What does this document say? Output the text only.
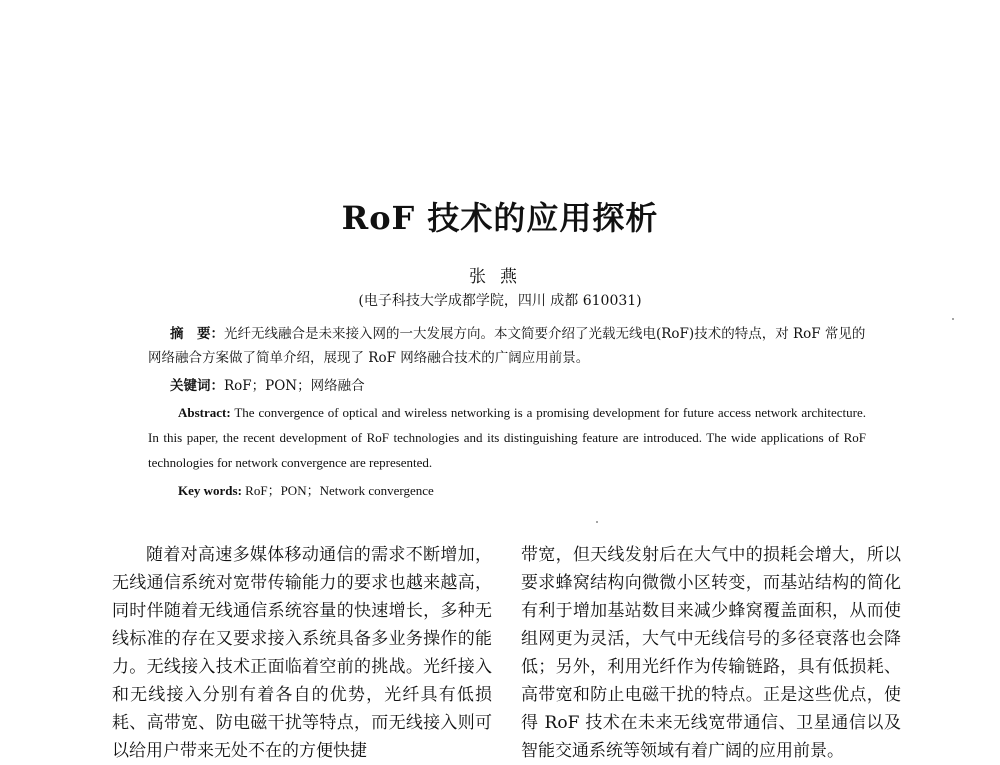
RoF 技术的应用探析
张燕
(电子科技大学成都学院，四川 成都 610031)
摘　要：光纤无线融合是未来接入网的一大发展方向。本文简要介绍了光载无线电(RoF)技术的特点，对 RoF 常见的网络融合方案做了简单介绍，展现了 RoF 网络融合技术的广阔应用前景。
关键词：RoF；PON；网络融合
Abstract: The convergence of optical and wireless networking is a promising development for future access network architecture. In this paper, the recent development of RoF technologies and its distinguishing feature are introduced. The wide applications of RoF technologies for network convergence are represented.
Key words: RoF；PON；Network convergence
随着对高速多媒体移动通信的需求不断增加，无线通信系统对宽带传输能力的要求也越来越高，同时伴随着无线通信系统容量的快速增长，多种无线标准的存在又要求接入系统具备多业务操作的能力。无线接入技术正面临着空前的挑战。光纤接入和无线接入分别有着各自的优势，光纤具有低损耗、高带宽、防电磁干扰等特点，而无线接入则可以给用户带来无处不在的方便快捷
带宽，但天线发射后在大气中的损耗会增大，所以要求蜂窝结构向微微小区转变，而基站结构的简化有利于增加基站数目来减少蜂窝覆盖面积，从而使组网更为灵活，大气中无线信号的多径衰落也会降低；另外，利用光纤作为传输链路，具有低损耗、高带宽和防止电磁干扰的特点。正是这些优点，使得 RoF 技术在未来无线宽带通信、卫星通信以及智能交通系统等领域有着广阔的应用前景。
